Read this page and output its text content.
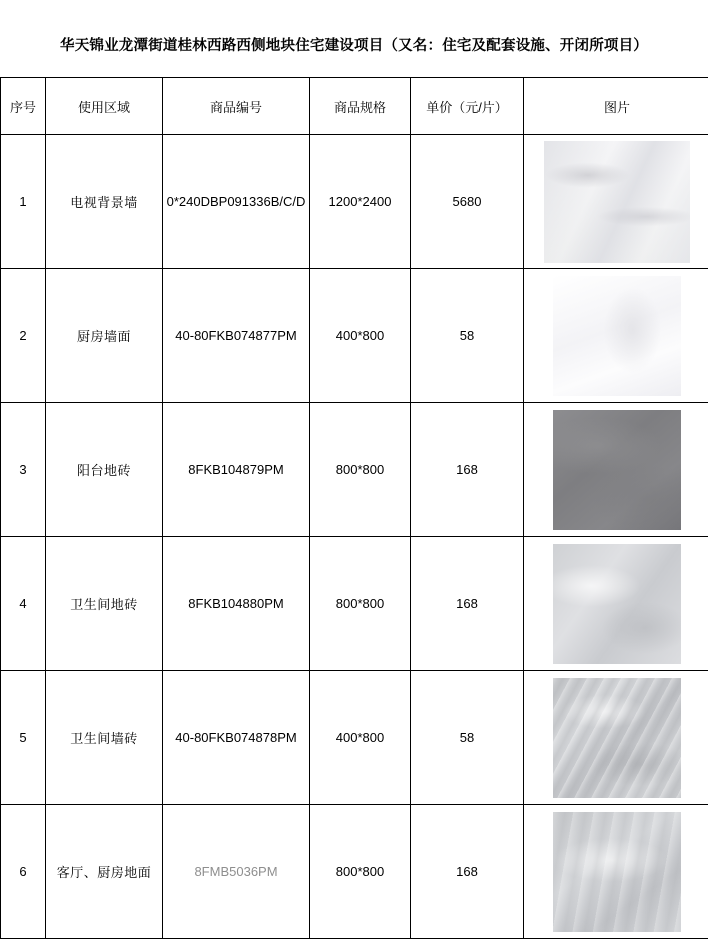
华天锦业龙潭街道桂林西路西侧地块住宅建设项目（又名：住宅及配套设施、开闭所项目）
序号	使用区域	商品编号	商品规格	单价（元/片）	图片
1	电视背景墙	0*240DBP091336B/C/D	1200*2400	5680	

2	厨房墙面	40-80FKB074877PM	400*800	58	

3	阳台地砖	8FKB104879PM	800*800	168	

4	卫生间地砖	8FKB104880PM	800*800	168	

5	卫生间墙砖	40-80FKB074878PM	400*800	58	

6	客厅、厨房地面	8FMB5036PM	800*800	168	
